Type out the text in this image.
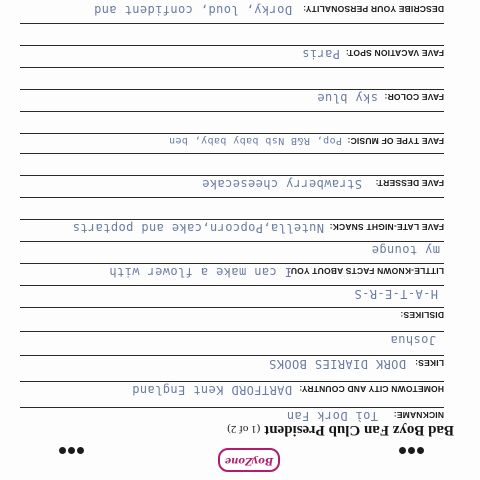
BoyZone
Bad Boyz Fan Club President(1 of 2)
NICKNAME:
Toì Dork Fan
HOMETOWN CITY AND COUNTRY:
DARTFORD Kent England
LIKES:
DORK DIARIES BOOKS
Joshua
DISLIKES:
H-A-T-E-R-S
LITTLE-KNOWN FACTS ABOUT YOU:
I can make a flower with
my tounge
FAVE LATE-NIGHT SNACK:
Nutella,Popcorn,cake and poptarts
FAVE DESSERT:
Strawberry cheesecake
FAVE TYPE OF MUSIC:
Pop, R&B Nsb baby baby, ben
FAVE COLOR:
sky blue
FAVE VACATION SPOT:
Paris
DESCRIBE YOUR PERSONALITY:
Dorky, loud, confident and
